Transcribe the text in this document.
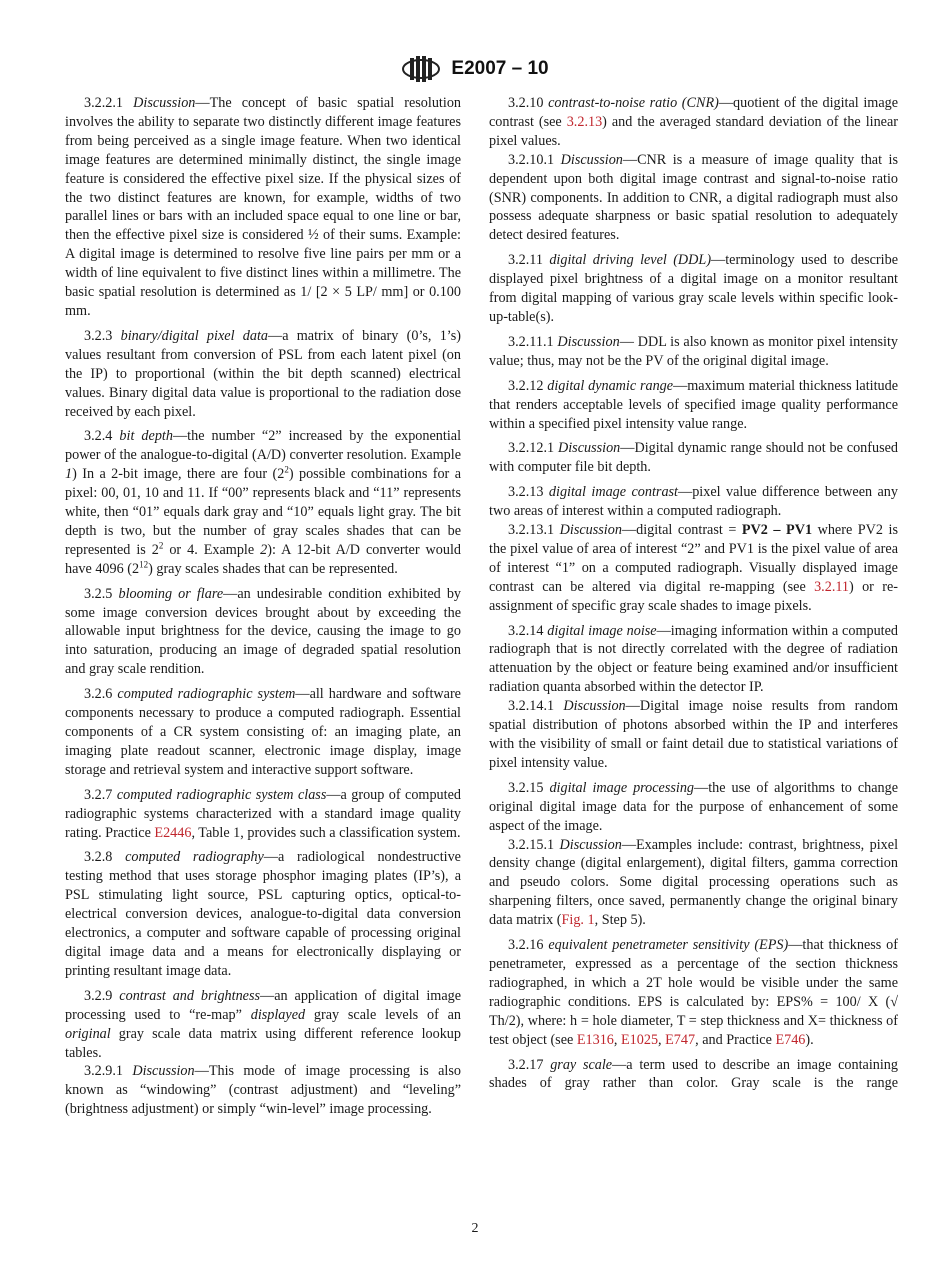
E2007 – 10

3.2.2.1 Discussion—The concept of basic spatial resolution involves the ability to separate two distinctly different image features from being perceived as a single image feature. When two identical image features are determined minimally distinct, the single image feature is considered the effective pixel size. If the physical sizes of the two distinct features are known, for example, widths of two parallel lines or bars with an included space equal to one line or bar, then the effective pixel size is considered ½ of their sums. Example: A digital image is determined to resolve five line pairs per mm or a width of line equivalent to five distinct lines within a millimetre. The basic spatial resolution is determined as 1/ [2 × 5 LP/ mm] or 0.100 mm.

3.2.3 binary/digital pixel data—a matrix of binary (0’s, 1’s) values resultant from conversion of PSL from each latent pixel (on the IP) to proportional (within the bit depth scanned) electrical values. Binary digital data value is proportional to the radiation dose received by each pixel.

3.2.4 bit depth—the number “2” increased by the exponential power of the analogue-to-digital (A/D) converter resolution. Example 1) In a 2-bit image, there are four $(2^2)$ possible combinations for a pixel: 00, 01, 10 and 11. If “00” represents black and “11” represents white, then “01” equals dark gray and “10” equals light gray. The bit depth is two, but the number of gray scales shades that can be represented is $2^2$ or 4. Example 2): A 12-bit A/D converter would have 4096 $(2^{12})$ gray scales shades that can be represented.

3.2.5 blooming or flare—an undesirable condition exhibited by some image conversion devices brought about by exceeding the allowable input brightness for the device, causing the image to go into saturation, producing an image of degraded spatial resolution and gray scale rendition.

3.2.6 computed radiographic system—all hardware and software components necessary to produce a computed radiograph. Essential components of a CR system consisting of: an imaging plate, an imaging plate readout scanner, electronic image display, image storage and retrieval system and interactive support software.

3.2.7 computed radiographic system class—a group of computed radiographic systems characterized with a standard image quality rating. Practice E2446, Table 1, provides such a classification system.

3.2.8 computed radiography—a radiological nondestructive testing method that uses storage phosphor imaging plates (IP’s), a PSL stimulating light source, PSL capturing optics, optical-to-electrical conversion devices, analogue-to-digital data conversion electronics, a computer and software capable of processing original digital image data and a means for electronically displaying or printing resultant image data.

3.2.9 contrast and brightness—an application of digital image processing used to “re-map” displayed gray scale levels of an original gray scale data matrix using different reference lookup tables.

3.2.9.1 Discussion—This mode of image processing is also known as “windowing” (contrast adjustment) and “leveling” (brightness adjustment) or simply “win-level” image processing.

3.2.10 contrast-to-noise ratio (CNR)—quotient of the digital image contrast (see 3.2.13) and the averaged standard deviation of the linear pixel values.

3.2.10.1 Discussion—CNR is a measure of image quality that is dependent upon both digital image contrast and signal-to-noise ratio (SNR) components. In addition to CNR, a digital radiograph must also possess adequate sharpness or basic spatial resolution to adequately detect desired features.

3.2.11 digital driving level (DDL)—terminology used to describe displayed pixel brightness of a digital image on a monitor resultant from digital mapping of various gray scale levels within specific look-up-table(s).

3.2.11.1 Discussion— DDL is also known as monitor pixel intensity value; thus, may not be the PV of the original digital image.

3.2.12 digital dynamic range—maximum material thickness latitude that renders acceptable levels of specified image quality performance within a specified pixel intensity value range.

3.2.12.1 Discussion—Digital dynamic range should not be confused with computer file bit depth.

3.2.13 digital image contrast—pixel value difference between any two areas of interest within a computed radiograph.

3.2.13.1 Discussion—digital contrast = PV2 – PV1 where PV2 is the pixel value of area of interest “2” and PV1 is the pixel value of area of interest “1” on a computed radiograph. Visually displayed image contrast can be altered via digital re-mapping (see 3.2.11) or re-assignment of specific gray scale shades to image pixels.

3.2.14 digital image noise—imaging information within a computed radiograph that is not directly correlated with the degree of radiation attenuation by the object or feature being examined and/or insufficient radiation quanta absorbed within the detector IP.

3.2.14.1 Discussion—Digital image noise results from random spatial distribution of photons absorbed within the IP and interferes with the visibility of small or faint detail due to statistical variations of pixel intensity value.

3.2.15 digital image processing—the use of algorithms to change original digital image data for the purpose of enhancement of some aspect of the image.

3.2.15.1 Discussion—Examples include: contrast, brightness, pixel density change (digital enlargement), digital filters, gamma correction and pseudo colors. Some digital processing operations such as sharpening filters, once saved, permanently change the original binary data matrix (Fig. 1, Step 5).

3.2.16 equivalent penetrameter sensitivity (EPS)—that thickness of penetrameter, expressed as a percentage of the section thickness radiographed, in which a 2T hole would be visible under the same radiographic conditions. EPS is calculated by: EPS% = 100/ X (√ Th/2), where: h = hole diameter, T = step thickness and X= thickness of test object (see E1316, E1025, E747, and Practice E746).

3.2.17 gray scale—a term used to describe an image containing shades of gray rather than color. Gray scale is the range

2
